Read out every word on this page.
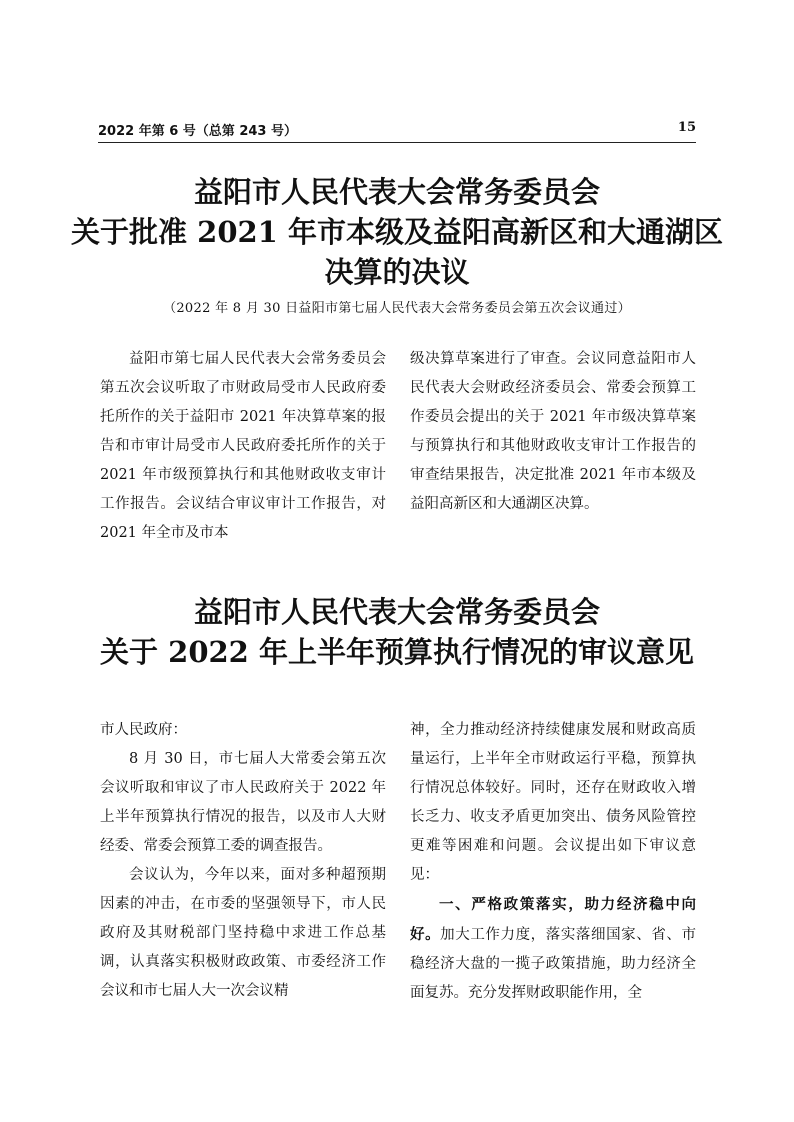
2022 年第 6 号（总第 243 号）	15
益阳市人民代表大会常务委员会
关于批准 2021 年市本级及益阳高新区和大通湖区
决算的决议
（2022 年 8 月 30 日益阳市第七届人民代表大会常务委员会第五次会议通过）

益阳市第七届人民代表大会常务委员会第五次会议听取了市财政局受市人民政府委托所作的关于益阳市 2021 年决算草案的报告和市审计局受市人民政府委托所作的关于 2021 年市级预算执行和其他财政收支审计工作报告。会议结合审议审计工作报告，对 2021 年全市及市本

级决算草案进行了审查。会议同意益阳市人民代表大会财政经济委员会、常委会预算工作委员会提出的关于 2021 年市级决算草案与预算执行和其他财政收支审计工作报告的审查结果报告，决定批准 2021 年市本级及益阳高新区和大通湖区决算。

益阳市人民代表大会常务委员会
关于 2022 年上半年预算执行情况的审议意见

市人民政府：

8 月 30 日，市七届人大常委会第五次会议听取和审议了市人民政府关于 2022 年上半年预算执行情况的报告，以及市人大财经委、常委会预算工委的调查报告。

会议认为，今年以来，面对多种超预期因素的冲击，在市委的坚强领导下，市人民政府及其财税部门坚持稳中求进工作总基调，认真落实积极财政政策、市委经济工作会议和市七届人大一次会议精

神，全力推动经济持续健康发展和财政高质量运行，上半年全市财政运行平稳，预算执行情况总体较好。同时，还存在财政收入增长乏力、收支矛盾更加突出、债务风险管控更难等困难和问题。会议提出如下审议意见：

一、严格政策落实，助力经济稳中向好。加大工作力度，落实落细国家、省、市稳经济大盘的一揽子政策措施，助力经济全面复苏。充分发挥财政职能作用，全
